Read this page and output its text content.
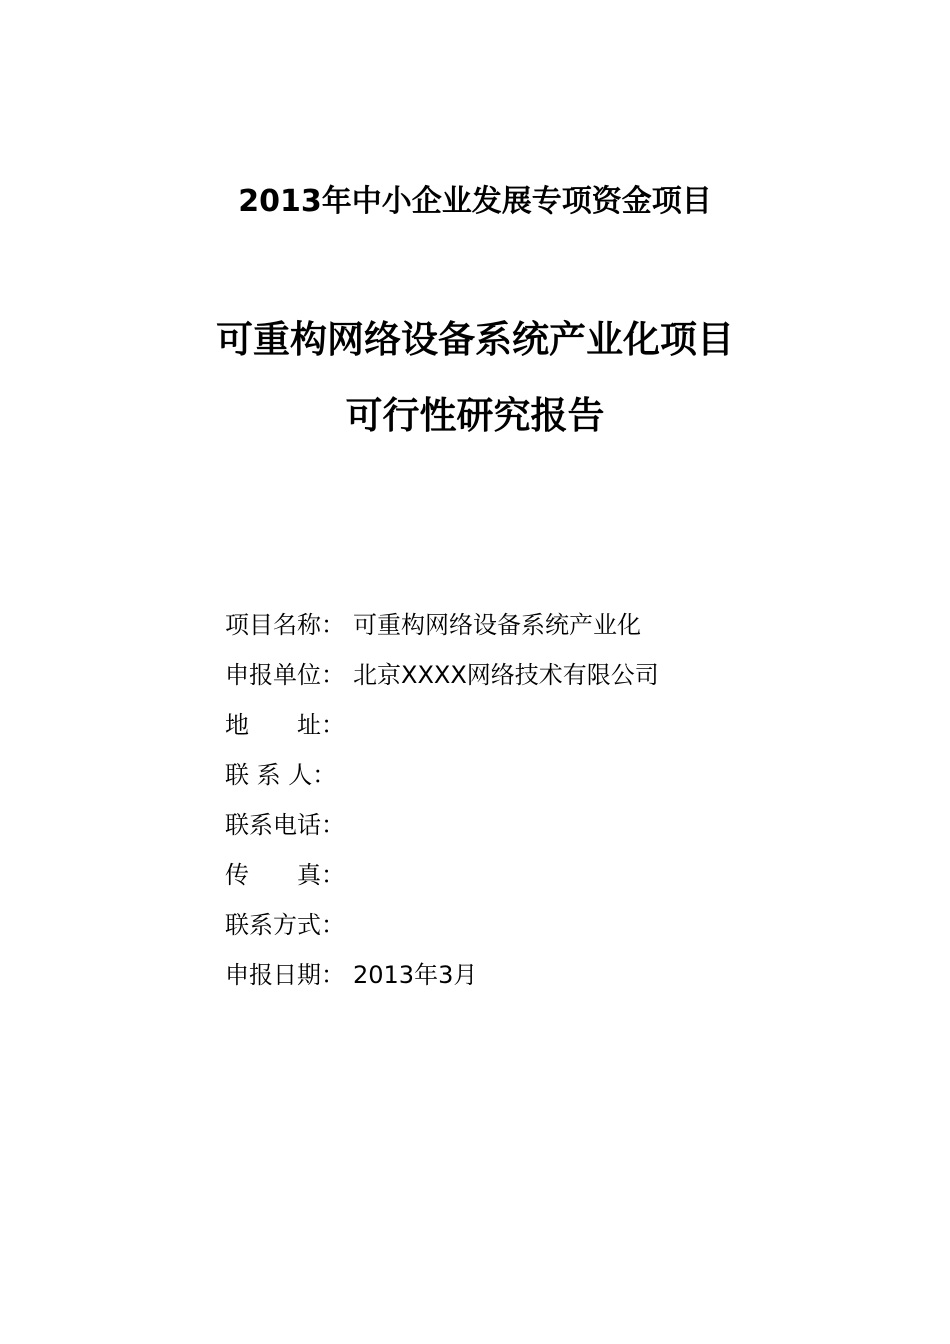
2013年中小企业发展专项资金项目
可重构网络设备系统产业化项目
可行性研究报告
项目名称： 可重构网络设备系统产业化
申报单位： 北京XXXX网络技术有限公司
地　　址：
联 系 人：
联系电话：
传　　真：
联系方式：
申报日期： 2013年3月
